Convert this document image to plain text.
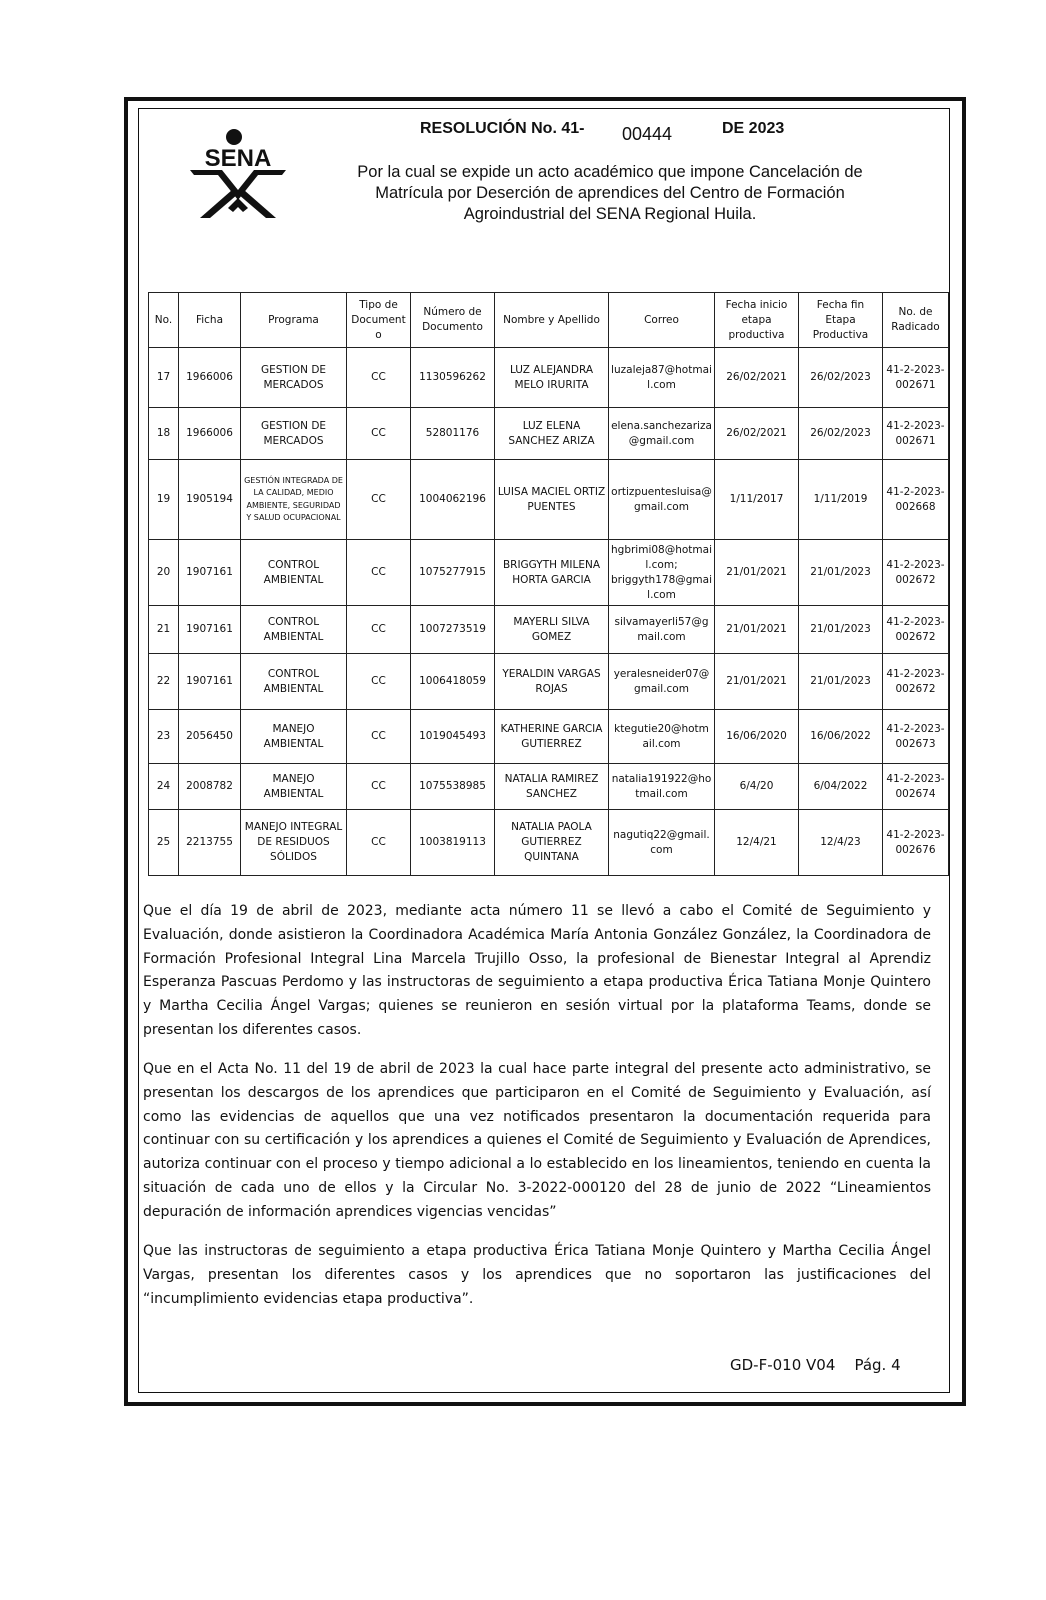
SENA
RESOLUCIÓN No. 41- 00444	DE 2023
Por la cual se expide un acto académico que impone Cancelación de
Matrícula por Deserción de aprendices del Centro de Formación
Agroindustrial del SENA Regional Huila.
No.	Ficha	Programa	Tipo de Documento	Número de Documento	Nombre y Apellido	Correo	Fecha inicio etapa productiva	Fecha fin Etapa Productiva	No. de Radicado
17	1966006	GESTION DE MERCADOS	CC	1130596262	LUZ ALEJANDRA MELO IRURITA	luzaleja87@hotmail.com	26/02/2021	26/02/2023	41-2-2023-002671
18	1966006	GESTION DE MERCADOS	CC	52801176	LUZ ELENA SANCHEZ ARIZA	elena.sanchezariza@gmail.com	26/02/2021	26/02/2023	41-2-2023-002671
19	1905194	GESTIÓN INTEGRADA DE LA CALIDAD, MEDIO AMBIENTE, SEGURIDAD Y SALUD OCUPACIONAL	CC	1004062196	LUISA MACIEL ORTIZ PUENTES	ortizpuentesluisa@gmail.com	1/11/2017	1/11/2019	41-2-2023-002668
20	1907161	CONTROL AMBIENTAL	CC	1075277915	BRIGGYTH MILENA HORTA GARCIA	hgbrimi08@hotmail.com; briggyth178@gmail.com	21/01/2021	21/01/2023	41-2-2023-002672
21	1907161	CONTROL AMBIENTAL	CC	1007273519	MAYERLI SILVA GOMEZ	silvamayerli57@gmail.com	21/01/2021	21/01/2023	41-2-2023-002672
22	1907161	CONTROL AMBIENTAL	CC	1006418059	YERALDIN VARGAS ROJAS	yeralesneider07@gmail.com	21/01/2021	21/01/2023	41-2-2023-002672
23	2056450	MANEJO AMBIENTAL	CC	1019045493	KATHERINE GARCIA GUTIERREZ	ktegutie20@hotmail.com	16/06/2020	16/06/2022	41-2-2023-002673
24	2008782	MANEJO AMBIENTAL	CC	1075538985	NATALIA RAMIREZ SANCHEZ	natalia191922@hotmail.com	6/4/20	6/04/2022	41-2-2023-002674
25	2213755	MANEJO INTEGRAL DE RESIDUOS SÓLIDOS	CC	1003819113	NATALIA PAOLA GUTIERREZ QUINTANA	nagutiq22@gmail.com	12/4/21	12/4/23	41-2-2023-002676

Que el día 19 de abril de 2023, mediante acta número 11 se llevó a cabo el Comité de Seguimiento y Evaluación, donde asistieron la Coordinadora Académica María Antonia González González, la Coordinadora de Formación Profesional Integral Lina Marcela Trujillo Osso, la profesional de Bienestar Integral al Aprendiz Esperanza Pascuas Perdomo y las instructoras de seguimiento a etapa productiva Érica Tatiana Monje Quintero y Martha Cecilia Ángel Vargas; quienes se reunieron en sesión virtual por la plataforma Teams, donde se presentan los diferentes casos.

Que en el Acta No. 11 del 19 de abril de 2023 la cual hace parte integral del presente acto administrativo, se presentan los descargos de los aprendices que participaron en el Comité de Seguimiento y Evaluación, así como las evidencias de aquellos que una vez notificados presentaron la documentación requerida para continuar con su certificación y los aprendices a quienes el Comité de Seguimiento y Evaluación de Aprendices, autoriza continuar con el proceso y tiempo adicional a lo establecido en los lineamientos, teniendo en cuenta la situación de cada uno de ellos y la Circular No. 3-2022-000120 del 28 de junio de 2022 “Lineamientos depuración de información aprendices vigencias vencidas”

Que las instructoras de seguimiento a etapa productiva Érica Tatiana Monje Quintero y Martha Cecilia Ángel Vargas, presentan los diferentes casos y los aprendices que no soportaron las justificaciones del “incumplimiento evidencias etapa productiva”.

GD-F-010 V04 Pág. 4
